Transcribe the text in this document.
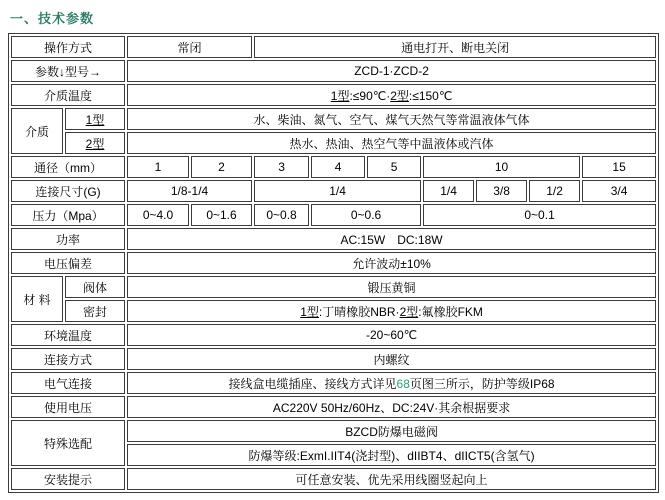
一、技术参数
操作方式		常闭		通电打开、断电关闭						
参数↓型号→		ZCD-1·ZCD-2								
介质温度		1型:≤90℃·2型:≤150℃								
介质	1型	水、柴油、氮气、空气、煤气天然气等常温液体气体								
	2型	热水、热油、热空气等中温液体或汽体								
通径（mm）		1	2	3	4	5	10			15
连接尺寸(G)		1/8-1/4		1/4			1/4	3/8	1/2	3/4
压力（Mpa）		0~4.0	0~1.6	0~0.8	0~0.6		0~0.1			
功率		AC:15W　DC:18W								
电压偏差		允许波动±10%								
材 料	阀体	锻压黄铜								
	密封	1型:丁晴橡胶NBR·2型:氟橡胶FKM								
环境温度		-20~60℃								
连接方式		内螺纹								
电气连接		接线盒电缆插座、接线方式详见68页图三所示，防护等级IP68								
使用电压		AC220V 50Hz/60Hz、DC:24V·其余根据要求								
特殊选配		BZCD防爆电磁阀								
		防爆等级:ExmI.IIT4(浇封型)、dIIBT4、dIICT5(含氢气)								
安装提示		可任意安装、优先采用线圈竖起向上								
